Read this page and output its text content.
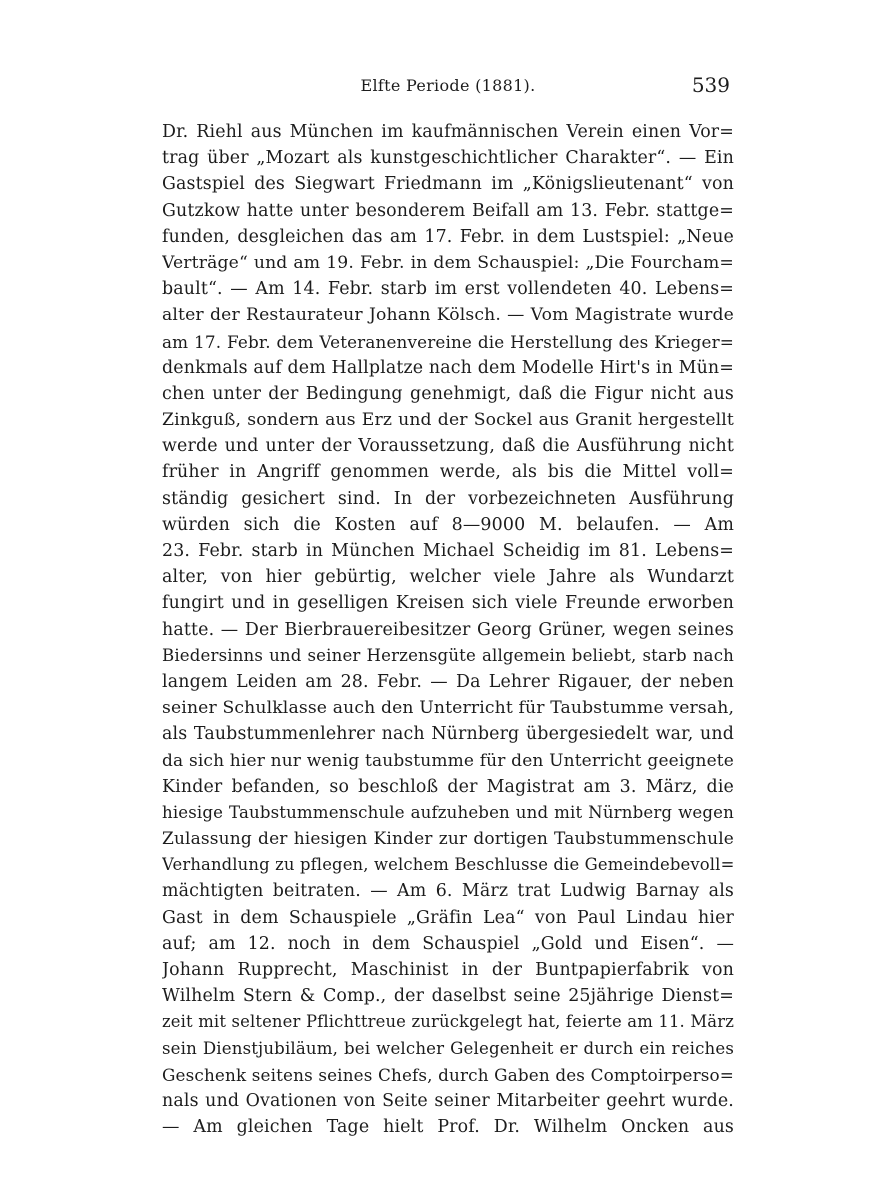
Elfte Periode (1881).	539
Dr. Riehl aus München im kaufmännischen Verein einen Vor=
trag über „Mozart als kunstgeschichtlicher Charakter“. — Ein
Gastspiel des Siegwart Friedmann im „Königslieutenant“ von
Gutzkow hatte unter besonderem Beifall am 13. Febr. stattge=
funden, desgleichen das am 17. Febr. in dem Lustspiel: „Neue
Verträge“ und am 19. Febr. in dem Schauspiel: „Die Fourcham=
bault“. — Am 14. Febr. starb im erst vollendeten 40. Lebens=
alter der Restaurateur Johann Kölsch. — Vom Magistrate wurde
am 17. Febr. dem Veteranenvereine die Herstellung des Krieger=
denkmals auf dem Hallplatze nach dem Modelle Hirt's in Mün=
chen unter der Bedingung genehmigt, daß die Figur nicht aus
Zinkguß, sondern aus Erz und der Sockel aus Granit hergestellt
werde und unter der Voraussetzung, daß die Ausführung nicht
früher in Angriff genommen werde, als bis die Mittel voll=
ständig gesichert sind. In der vorbezeichneten Ausführung
würden sich die Kosten auf 8—9000 M. belaufen. — Am
23. Febr. starb in München Michael Scheidig im 81. Lebens=
alter, von hier gebürtig, welcher viele Jahre als Wundarzt
fungirt und in geselligen Kreisen sich viele Freunde erworben
hatte. — Der Bierbrauereibesitzer Georg Grüner, wegen seines
Biedersinns und seiner Herzensgüte allgemein beliebt, starb nach
langem Leiden am 28. Febr. — Da Lehrer Rigauer, der neben
seiner Schulklasse auch den Unterricht für Taubstumme versah,
als Taubstummenlehrer nach Nürnberg übergesiedelt war, und
da sich hier nur wenig taubstumme für den Unterricht geeignete
Kinder befanden, so beschloß der Magistrat am 3. März, die
hiesige Taubstummenschule aufzuheben und mit Nürnberg wegen
Zulassung der hiesigen Kinder zur dortigen Taubstummenschule
Verhandlung zu pflegen, welchem Beschlusse die Gemeindebevoll=
mächtigten beitraten. — Am 6. März trat Ludwig Barnay als
Gast in dem Schauspiele „Gräfin Lea“ von Paul Lindau hier
auf; am 12. noch in dem Schauspiel „Gold und Eisen“. —
Johann Rupprecht, Maschinist in der Buntpapierfabrik von
Wilhelm Stern & Comp., der daselbst seine 25jährige Dienst=
zeit mit seltener Pflichttreue zurückgelegt hat, feierte am 11. März
sein Dienstjubiläum, bei welcher Gelegenheit er durch ein reiches
Geschenk seitens seines Chefs, durch Gaben des Comptoirperso=
nals und Ovationen von Seite seiner Mitarbeiter geehrt wurde.
— Am gleichen Tage hielt Prof. Dr. Wilhelm Oncken aus
